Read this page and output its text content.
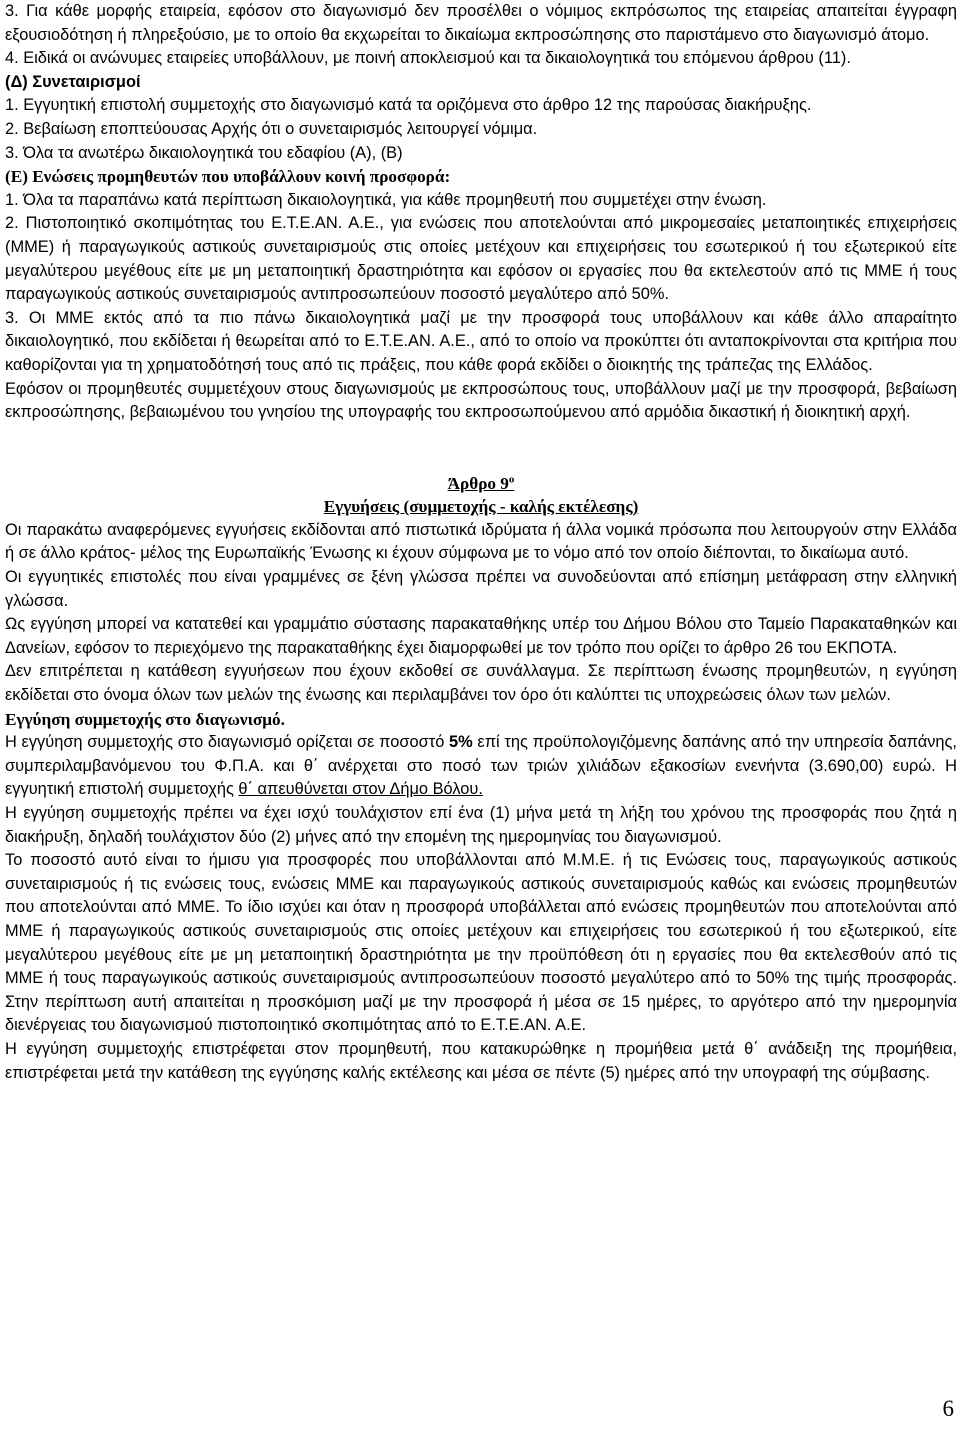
3. Για κάθε μορφής εταιρεία, εφόσον στο διαγωνισμό δεν προσέλθει ο νόμιμος εκπρόσωπος της εταιρείας απαιτείται έγγραφη εξουσιοδότηση ή πληρεξούσιο, με το οποίο θα εκχωρείται το δικαίωμα εκπροσώπησης στο παριστάμενο στο διαγωνισμό άτομο.

4. Ειδικά οι ανώνυμες εταιρείες υποβάλλουν, με ποινή αποκλεισμού και τα δικαιολογητικά του επόμενου άρθρου (11).

(Δ) Συνεταιρισμοί

1. Εγγυητική επιστολή συμμετοχής στο διαγωνισμό κατά τα οριζόμενα στο άρθρο 12 της παρούσας διακήρυξης.

2. Βεβαίωση εποπτεύουσας Αρχής ότι ο συνεταιρισμός λειτουργεί νόμιμα.

3. Όλα τα ανωτέρω δικαιολογητικά του εδαφίου (Α), (Β)

(Ε) Ενώσεις προμηθευτών που υποβάλλουν κοινή προσφορά:

1. Όλα τα παραπάνω κατά περίπτωση δικαιολογητικά, για κάθε προμηθευτή που συμμετέχει στην ένωση.

2. Πιστοποιητικό σκοπιμότητας του Ε.Τ.Ε.ΑΝ. Α.Ε., για ενώσεις που αποτελούνται από μικρομεσαίες μεταποιητικές επιχειρήσεις (ΜΜΕ) ή παραγωγικούς αστικούς συνεταιρισμούς στις οποίες μετέχουν και επιχειρήσεις του εσωτερικού ή του εξωτερικού είτε μεγαλύτερου μεγέθους είτε με μη μεταποιητική δραστηριότητα και εφόσον οι εργασίες που θα εκτελεστούν από τις ΜΜΕ ή τους παραγωγικούς αστικούς συνεταιρισμούς αντιπροσωπεύουν ποσοστό μεγαλύτερο από 50%.

3. Οι ΜΜΕ εκτός από τα πιο πάνω δικαιολογητικά μαζί με την προσφορά τους υποβάλλουν και κάθε άλλο απαραίτητο δικαιολογητικό, που εκδίδεται ή θεωρείται από το Ε.Τ.Ε.ΑΝ. Α.Ε., από το οποίο να προκύπτει ότι ανταποκρίνονται στα κριτήρια που καθορίζονται για τη χρηματοδότησή τους από τις πράξεις, που κάθε φορά εκδίδει ο διοικητής της τράπεζας της Ελλάδος.

Εφόσον οι προμηθευτές συμμετέχουν στους διαγωνισμούς με εκπροσώπους τους, υποβάλλουν μαζί με την προσφορά, βεβαίωση εκπροσώπησης, βεβαιωμένου του γνησίου της υπογραφής του εκπροσωπούμενου από αρμόδια δικαστική ή διοικητική αρχή.

Άρθρο $9^o$

Εγγυήσεις (συμμετοχής - καλής εκτέλεσης)

Οι παρακάτω αναφερόμενες εγγυήσεις εκδίδονται από πιστωτικά ιδρύματα ή άλλα νομικά πρόσωπα που λειτουργούν στην Ελλάδα ή σε άλλο κράτος- μέλος της Ευρωπαϊκής Ένωσης κι έχουν σύμφωνα με το νόμο από τον οποίο διέπονται, το δικαίωμα αυτό.

Οι εγγυητικές επιστολές που είναι γραμμένες σε ξένη γλώσσα πρέπει να συνοδεύονται από επίσημη μετάφραση στην ελληνική γλώσσα.

Ως εγγύηση μπορεί να κατατεθεί και γραμμάτιο σύστασης παρακαταθήκης υπέρ του Δήμου Βόλου στο Ταμείο Παρακαταθηκών και Δανείων, εφόσον το περιεχόμενο της παρακαταθήκης έχει διαμορφωθεί με τον τρόπο που ορίζει το άρθρο 26 του ΕΚΠΟΤΑ.

Δεν επιτρέπεται η κατάθεση εγγυήσεων που έχουν εκδοθεί σε συνάλλαγμα. Σε περίπτωση ένωσης προμηθευτών, η εγγύηση εκδίδεται στο όνομα όλων των μελών της ένωσης και περιλαμβάνει τον όρο ότι καλύπτει τις υποχρεώσεις όλων των μελών.

Εγγύηση συμμετοχής στο διαγωνισμό.

Η εγγύηση συμμετοχής στο διαγωνισμό ορίζεται σε ποσοστό 5% επί της προϋπολογιζόμενης δαπάνης από την υπηρεσία δαπάνης, συμπεριλαμβανόμενου του Φ.Π.Α. και θ΄ ανέρχεται στο ποσό των τριών χιλιάδων εξακοσίων ενενήντα (3.690,00) ευρώ. Η εγγυητική επιστολή συμμετοχής θ΄ απευθύνεται στον Δήμο Βόλου.

Η εγγύηση συμμετοχής πρέπει να έχει ισχύ τουλάχιστον επί ένα (1) μήνα μετά τη λήξη του χρόνου της προσφοράς που ζητά η διακήρυξη, δηλαδή τουλάχιστον δύο (2) μήνες από την επομένη της ημερομηνίας του διαγωνισμού.

Το ποσοστό αυτό είναι το ήμισυ για προσφορές που υποβάλλονται από Μ.Μ.Ε. ή τις Ενώσεις τους, παραγωγικούς αστικούς συνεταιρισμούς ή τις ενώσεις τους, ενώσεις ΜΜΕ και παραγωγικούς αστικούς συνεταιρισμούς καθώς και ενώσεις προμηθευτών που αποτελούνται από ΜΜΕ. Το ίδιο ισχύει και όταν η προσφορά υποβάλλεται από ενώσεις προμηθευτών που αποτελούνται από ΜΜΕ ή παραγωγικούς αστικούς συνεταιρισμούς στις οποίες μετέχουν και επιχειρήσεις του εσωτερικού ή του εξωτερικού, είτε μεγαλύτερου μεγέθους είτε με μη μεταποιητική δραστηριότητα με την προϋπόθεση ότι η εργασίες που θα εκτελεσθούν από τις ΜΜΕ ή τους παραγωγικούς αστικούς συνεταιρισμούς αντιπροσωπεύουν ποσοστό μεγαλύτερο από το 50% της τιμής προσφοράς. Στην περίπτωση αυτή απαιτείται η προσκόμιση μαζί με την προσφορά ή μέσα σε 15 ημέρες, το αργότερο από την ημερομηνία διενέργειας του διαγωνισμού πιστοποιητικό σκοπιμότητας από το Ε.Τ.Ε.ΑΝ. Α.Ε.

Η εγγύηση συμμετοχής επιστρέφεται στον προμηθευτή, που κατακυρώθηκε η προμήθεια μετά θ΄ ανάδειξη της προμήθεια, επιστρέφεται μετά την κατάθεση της εγγύησης καλής εκτέλεσης και μέσα σε πέντε (5) ημέρες από την υπογραφή της σύμβασης.

6
